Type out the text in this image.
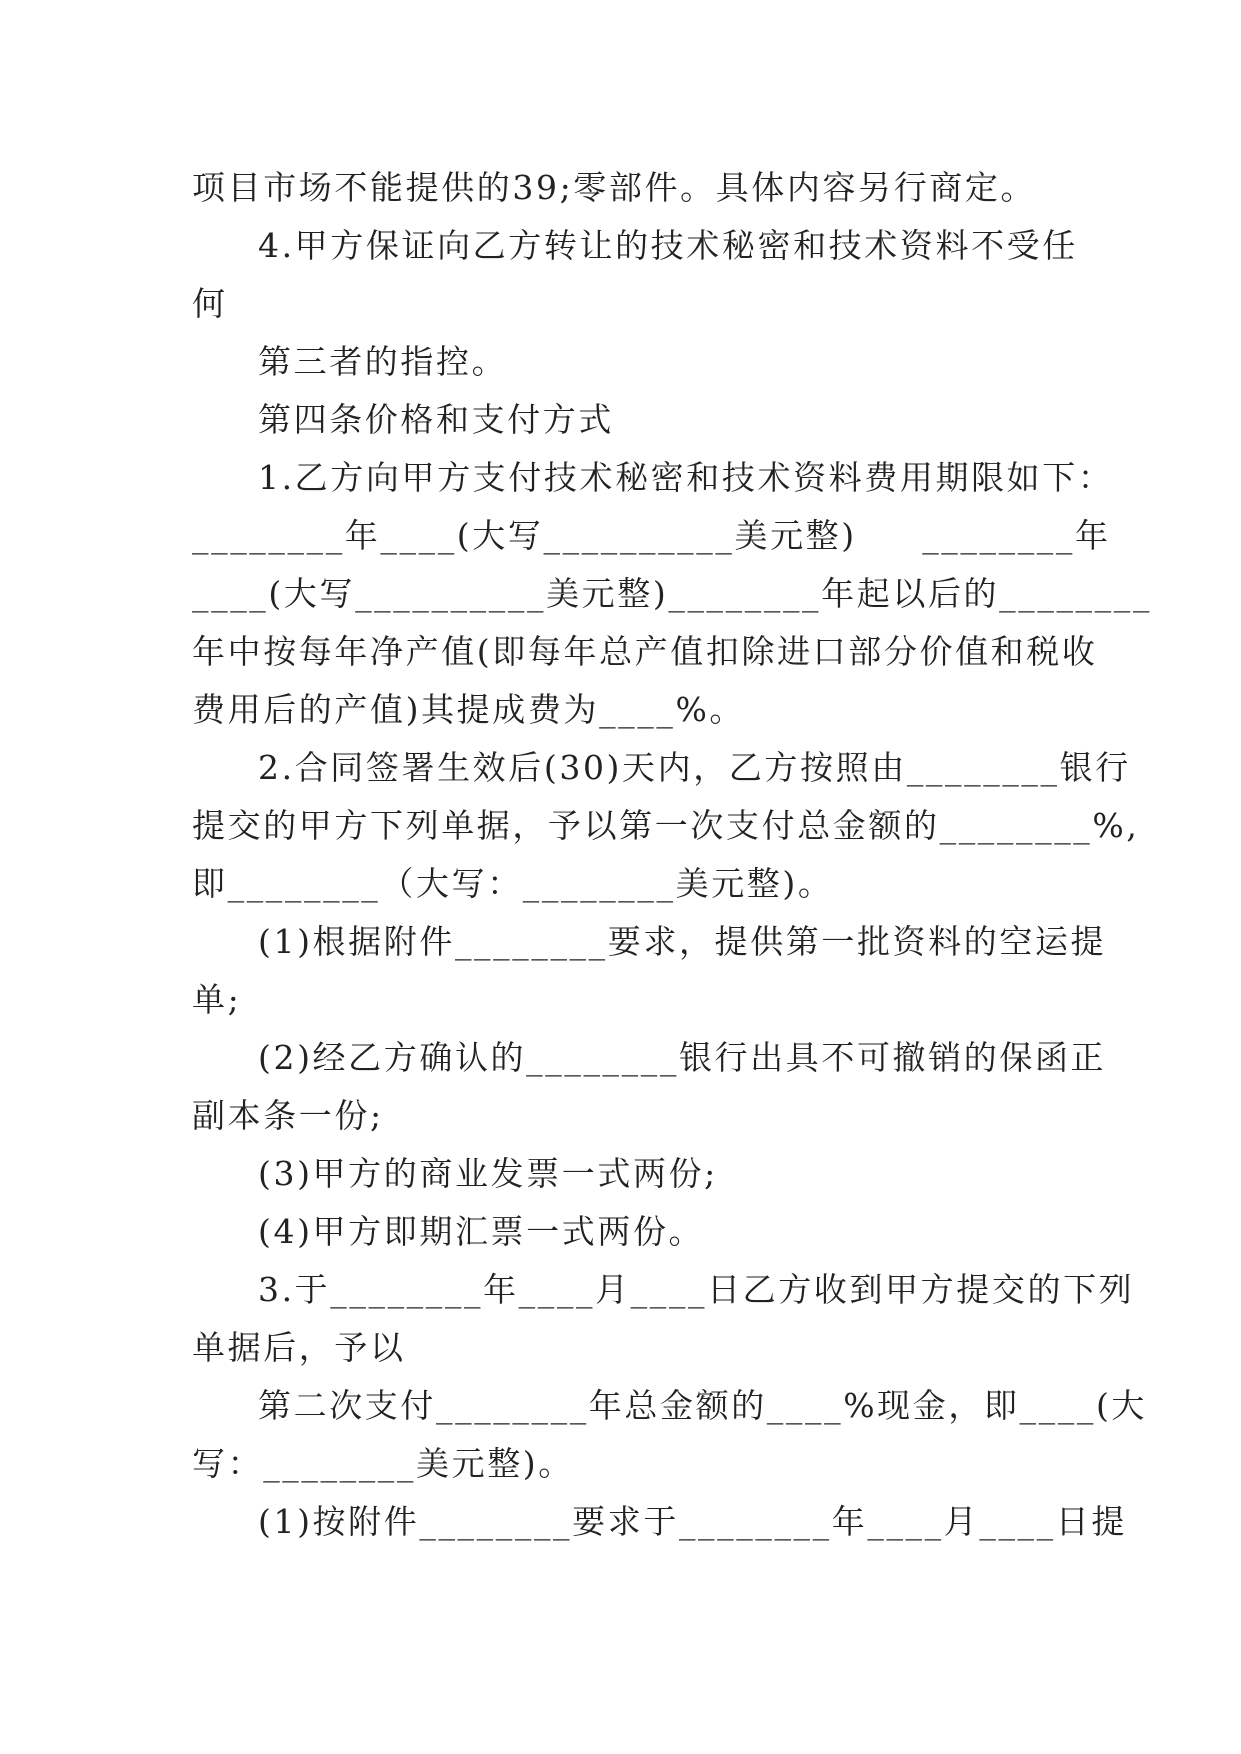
项目市场不能提供的39;零部件。具体内容另行商定。

4.甲方保证向乙方转让的技术秘密和技术资料不受任

何

第三者的指控。

第四条价格和支付方式

1.乙方向甲方支付技术秘密和技术资料费用期限如下：

________年____(大写__________美元整)     ________年

____(大写__________美元整)________年起以后的________

年中按每年净产值(即每年总产值扣除进口部分价值和税收

费用后的产值)其提成费为____%。

2.合同签署生效后(30)天内，乙方按照由________银行

提交的甲方下列单据，予以第一次支付总金额的________%,

即________（大写：________美元整)。

(1)根据附件________要求，提供第一批资料的空运提

单;

(2)经乙方确认的________银行出具不可撤销的保函正

副本条一份;

(3)甲方的商业发票一式两份;

(4)甲方即期汇票一式两份。

3.于________年____月____日乙方收到甲方提交的下列

单据后，予以

第二次支付________年总金额的____%现金，即____(大

写：________美元整)。

(1)按附件________要求于________年____月____日提
